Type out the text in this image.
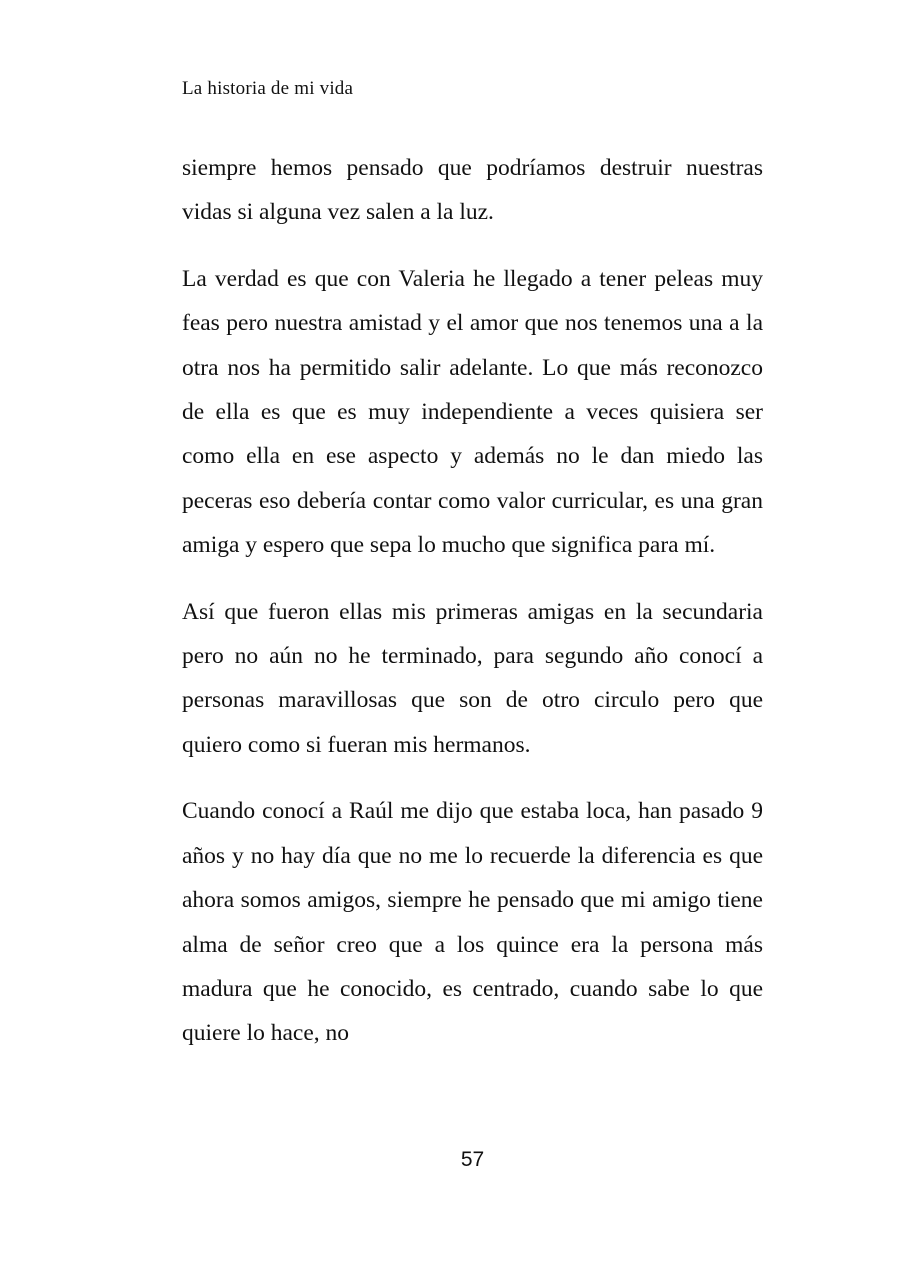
La historia de mi vida

siempre hemos pensado que podríamos destruir nuestras vidas si alguna vez salen a la luz.

La verdad es que con Valeria he llegado a tener peleas muy feas pero nuestra amistad y el amor que nos tenemos una a la otra nos ha permitido salir adelante. Lo que más reconozco de ella es que es muy independiente a veces quisiera ser como ella en ese aspecto y además no le dan miedo las peceras eso debería contar como valor curricular, es una gran amiga y espero que sepa lo mucho que significa para mí.

Así que fueron ellas mis primeras amigas en la secundaria pero no aún no he terminado, para segundo año conocí a personas maravillosas que son de otro circulo pero que quiero como si fueran mis hermanos.

Cuando conocí a Raúl me dijo que estaba loca, han pasado 9 años y no hay día que no me lo recuerde la diferencia es que ahora somos amigos, siempre he pensado que mi amigo tiene alma de señor creo que a los quince era la persona más madura que he conocido, es centrado, cuando sabe lo que quiere lo hace, no

57
